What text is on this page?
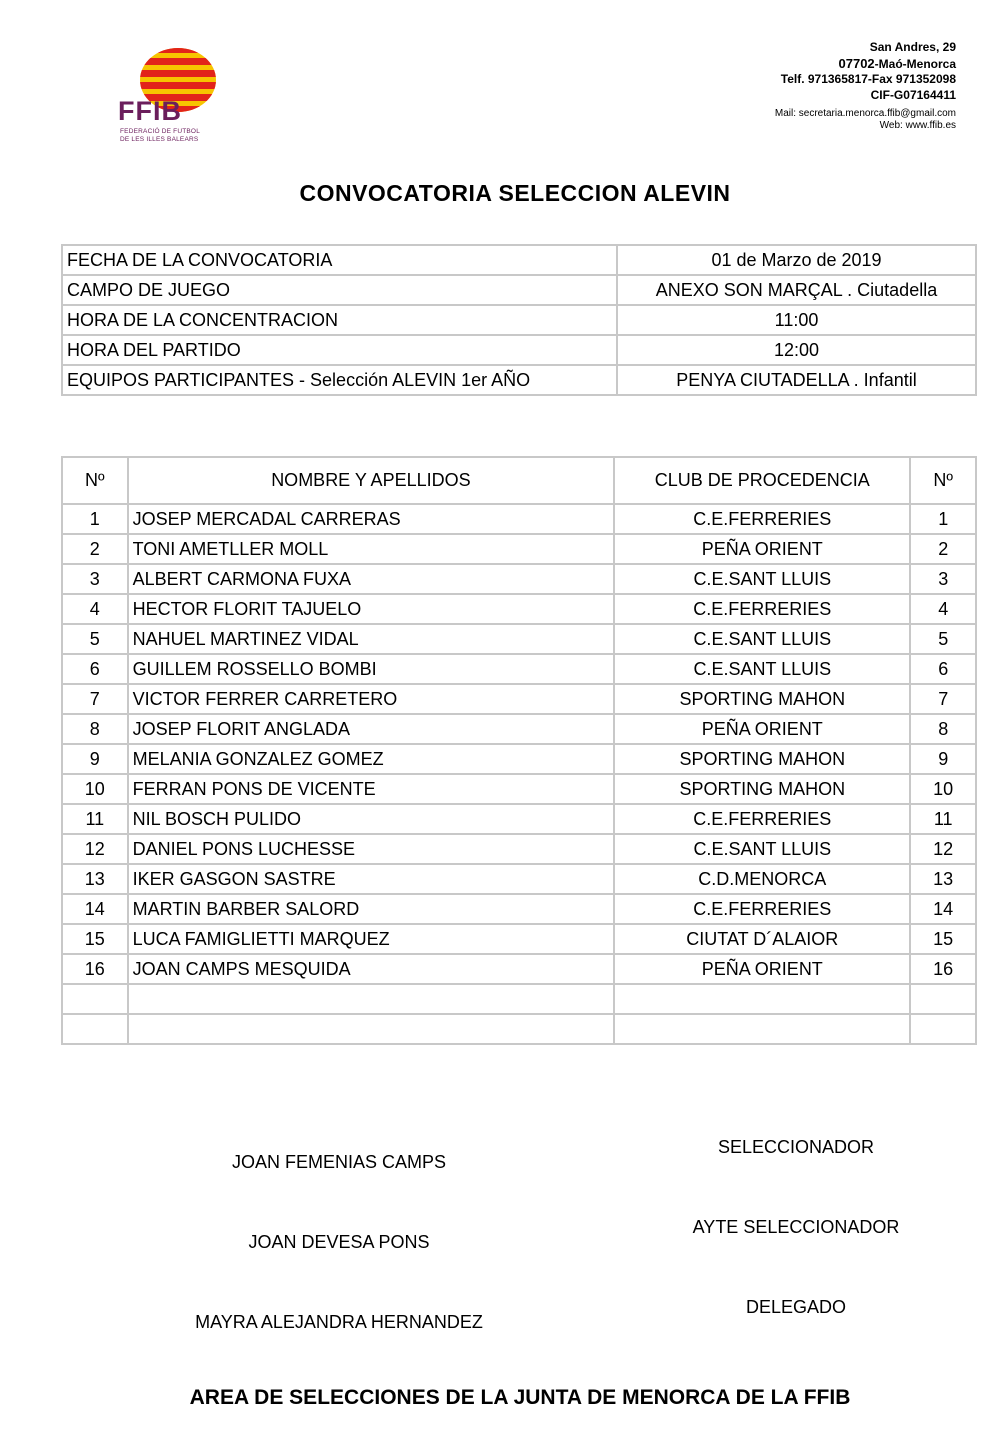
FFIB
FEDERACIÓ DE FUTBOL
DE LES ILLES BALEARS
San Andres, 29
07702-Maó-Menorca
Telf. 971365817-Fax 971352098
CIF-G07164411
Mail: secretaria.menorca.ffib@gmail.com
Web: www.ffib.es
CONVOCATORIA SELECCION ALEVIN
FECHA DE LA CONVOCATORIA	01 de Marzo de 2019
CAMPO DE JUEGO	ANEXO SON MARÇAL . Ciutadella
HORA DE LA CONCENTRACION	11:00
HORA DEL PARTIDO	12:00
EQUIPOS PARTICIPANTES - Selección ALEVIN 1er AÑO	PENYA CIUTADELLA . Infantil
Nº	NOMBRE Y APELLIDOS	CLUB DE PROCEDENCIA	Nº
1	JOSEP MERCADAL CARRERAS	C.E.FERRERIES	1
2	TONI AMETLLER MOLL	PEÑA ORIENT	2
3	ALBERT CARMONA FUXA	C.E.SANT LLUIS	3
4	HECTOR FLORIT TAJUELO	C.E.FERRERIES	4
5	NAHUEL MARTINEZ VIDAL	C.E.SANT LLUIS	5
6	GUILLEM ROSSELLO BOMBI	C.E.SANT LLUIS	6
7	VICTOR FERRER CARRETERO	SPORTING MAHON	7
8	JOSEP FLORIT ANGLADA	PEÑA ORIENT	8
9	MELANIA GONZALEZ GOMEZ	SPORTING MAHON	9
10	FERRAN PONS DE VICENTE	SPORTING MAHON	10
11	NIL BOSCH PULIDO	C.E.FERRERIES	11
12	DANIEL PONS LUCHESSE	C.E.SANT LLUIS	12
13	IKER GASGON SASTRE	C.D.MENORCA	13
14	MARTIN BARBER SALORD	C.E.FERRERIES	14
15	LUCA FAMIGLIETTI MARQUEZ	CIUTAT D´ALAIOR	15
16	JOAN CAMPS MESQUIDA	PEÑA ORIENT	16

SELECCIONADOR
JOAN FEMENIAS CAMPS
AYTE SELECCIONADOR
JOAN DEVESA PONS
DELEGADO
MAYRA ALEJANDRA HERNANDEZ
AREA DE SELECCIONES DE LA JUNTA DE MENORCA DE LA FFIB
